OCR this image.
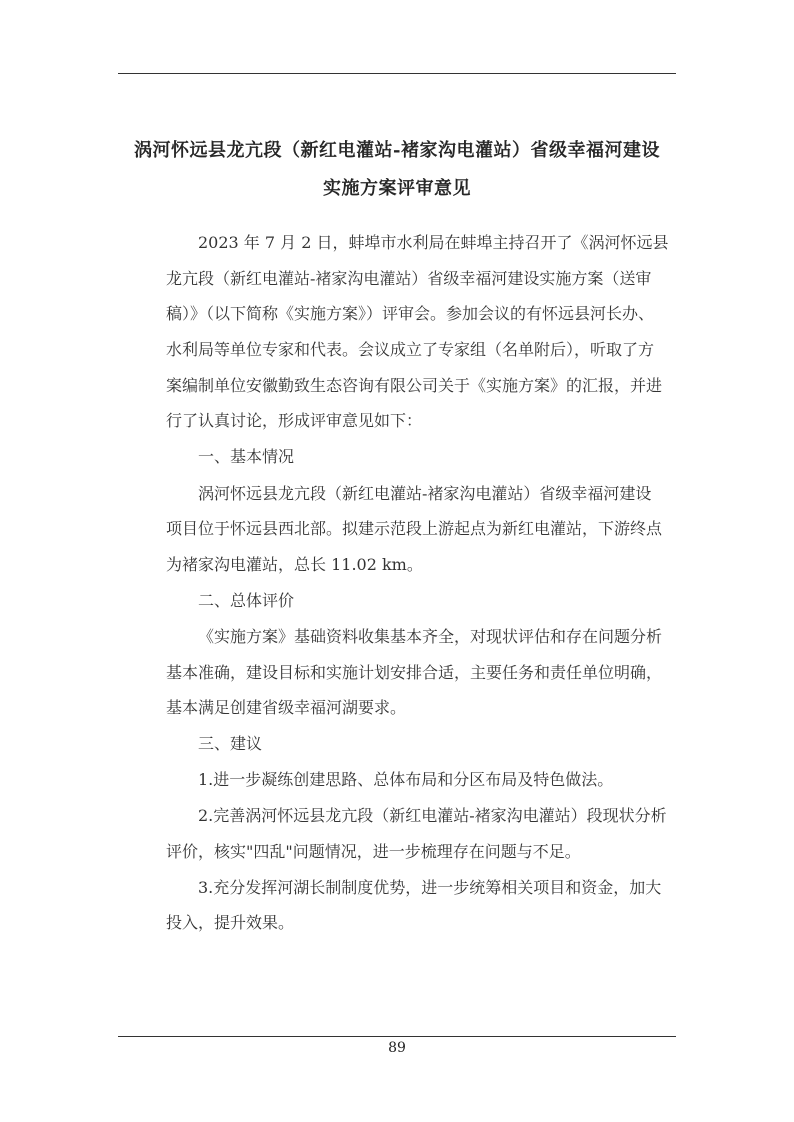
涡河怀远县龙亢段（新红电灌站-褚家沟电灌站）省级幸福河建设
实施方案评审意见
2023 年 7 月 2 日，蚌埠市水利局在蚌埠主持召开了《涡河怀远县
龙亢段（新红电灌站-褚家沟电灌站）省级幸福河建设实施方案（送审
稿）》（以下简称《实施方案》）评审会。参加会议的有怀远县河长办、
水利局等单位专家和代表。会议成立了专家组（名单附后），听取了方
案编制单位安徽勤致生态咨询有限公司关于《实施方案》的汇报，并进
行了认真讨论，形成评审意见如下：
一、基本情况
涡河怀远县龙亢段（新红电灌站-褚家沟电灌站）省级幸福河建设
项目位于怀远县西北部。拟建示范段上游起点为新红电灌站，下游终点
为褚家沟电灌站，总长 11.02 km。
二、总体评价
《实施方案》基础资料收集基本齐全，对现状评估和存在问题分析
基本准确，建设目标和实施计划安排合适，主要任务和责任单位明确，
基本满足创建省级幸福河湖要求。
三、建议
1.进一步凝练创建思路、总体布局和分区布局及特色做法。
2.完善涡河怀远县龙亢段（新红电灌站-褚家沟电灌站）段现状分析
评价，核实"四乱"问题情况，进一步梳理存在问题与不足。
3.充分发挥河湖长制制度优势，进一步统筹相关项目和资金，加大
投入，提升效果。
89
